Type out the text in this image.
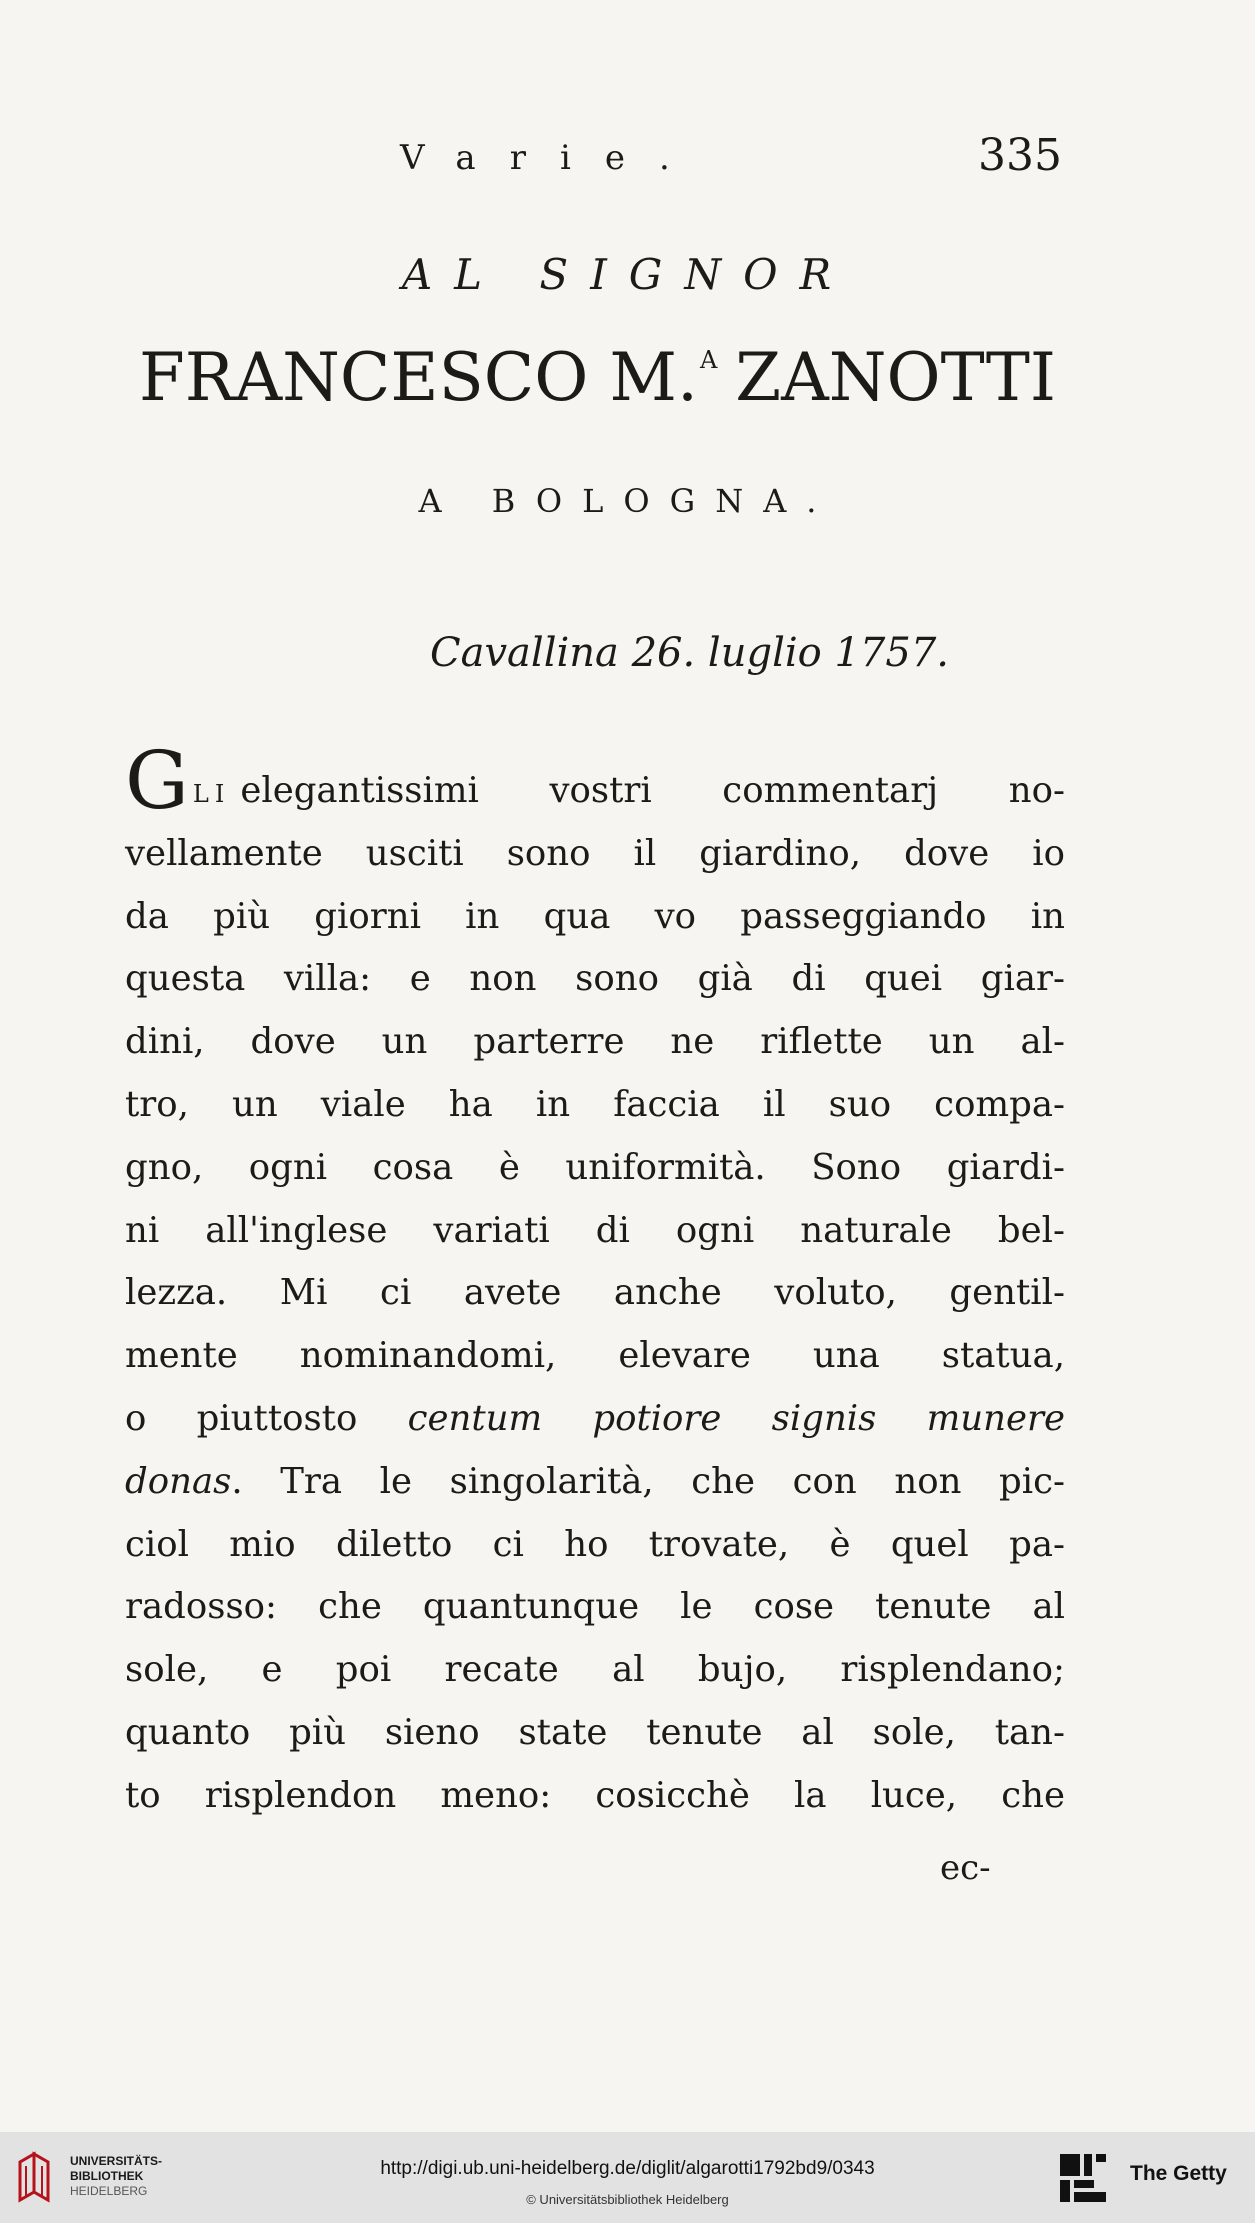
Varie.	335
AL SIGNOR
FRANCESCO M.$^A$ ZANOTTI
A BOLOGNA.
Cavallina 26. luglio 1757.
GLI elegantissimi vostri commentarj no-
vellamente usciti sono il giardino, dove io
da più giorni in qua vo passeggiando in
questa villa: e non sono già di quei giar-
dini, dove un parterre ne riflette un al-
tro, un viale ha in faccia il suo compa-
gno, ogni cosa è uniformità. Sono giardi-
ni all'inglese variati di ogni naturale bel-
lezza. Mi ci avete anche voluto, gentil-
mente nominandomi, elevare una statua,
o piuttosto centum potiore signis munere
donas. Tra le singolarità, che con non pic-
ciol mio diletto ci ho trovate, è quel pa-
radosso: che quantunque le cose tenute al
sole, e poi recate al bujo, risplendano;
quanto più sieno state tenute al sole, tan-
to risplendon meno: cosicchè la luce, che
ec-
UNIVERSITÄTS-
BIBLIOTHEK
HEIDELBERG
http://digi.ub.uni-heidelberg.de/diglit/algarotti1792bd9/0343
© Universitätsbibliothek Heidelberg
The Getty
